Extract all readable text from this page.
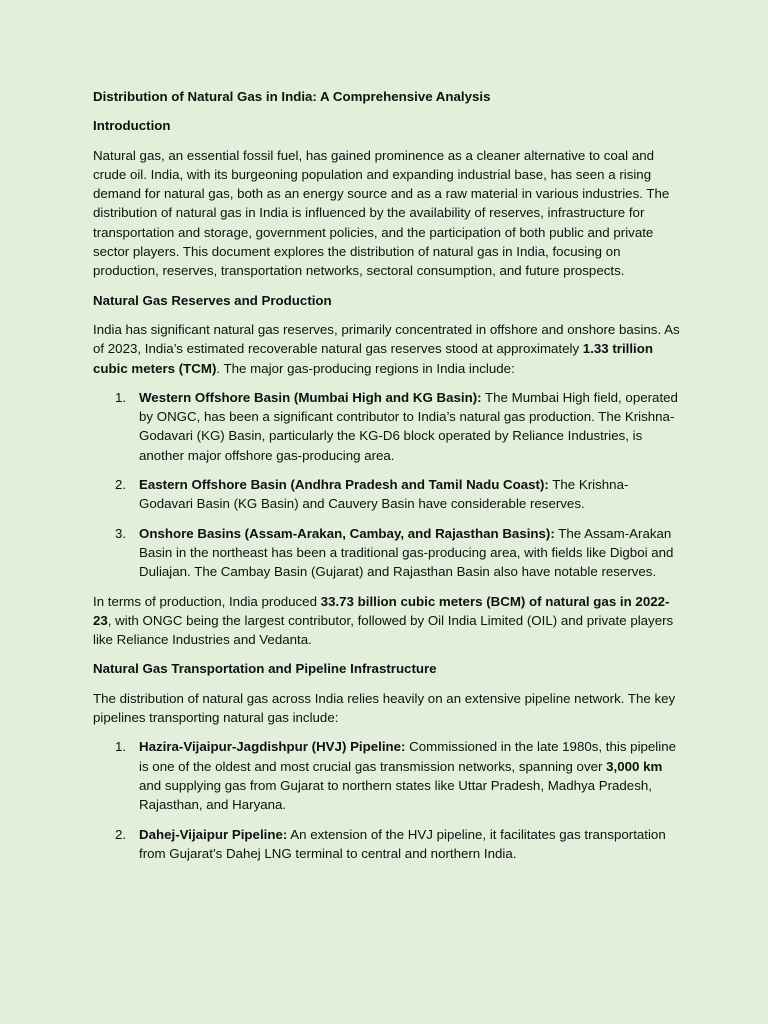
Distribution of Natural Gas in India: A Comprehensive Analysis
Introduction

Natural gas, an essential fossil fuel, has gained prominence as a cleaner alternative to coal and crude oil. India, with its burgeoning population and expanding industrial base, has seen a rising demand for natural gas, both as an energy source and as a raw material in various industries. The distribution of natural gas in India is influenced by the availability of reserves, infrastructure for transportation and storage, government policies, and the participation of both public and private sector players. This document explores the distribution of natural gas in India, focusing on production, reserves, transportation networks, sectoral consumption, and future prospects.

Natural Gas Reserves and Production

India has significant natural gas reserves, primarily concentrated in offshore and onshore basins. As of 2023, India’s estimated recoverable natural gas reserves stood at approximately 1.33 trillion cubic meters (TCM). The major gas-producing regions in India include:

1. Western Offshore Basin (Mumbai High and KG Basin): The Mumbai High field, operated by ONGC, has been a significant contributor to India’s natural gas production. The Krishna-Godavari (KG) Basin, particularly the KG-D6 block operated by Reliance Industries, is another major offshore gas-producing area.
2. Eastern Offshore Basin (Andhra Pradesh and Tamil Nadu Coast): The Krishna-Godavari Basin (KG Basin) and Cauvery Basin have considerable reserves.
3. Onshore Basins (Assam-Arakan, Cambay, and Rajasthan Basins): The Assam-Arakan Basin in the northeast has been a traditional gas-producing area, with fields like Digboi and Duliajan. The Cambay Basin (Gujarat) and Rajasthan Basin also have notable reserves.

In terms of production, India produced 33.73 billion cubic meters (BCM) of natural gas in 2022-23, with ONGC being the largest contributor, followed by Oil India Limited (OIL) and private players like Reliance Industries and Vedanta.

Natural Gas Transportation and Pipeline Infrastructure

The distribution of natural gas across India relies heavily on an extensive pipeline network. The key pipelines transporting natural gas include:

1. Hazira-Vijaipur-Jagdishpur (HVJ) Pipeline: Commissioned in the late 1980s, this pipeline is one of the oldest and most crucial gas transmission networks, spanning over 3,000 km and supplying gas from Gujarat to northern states like Uttar Pradesh, Madhya Pradesh, Rajasthan, and Haryana.
2. Dahej-Vijaipur Pipeline: An extension of the HVJ pipeline, it facilitates gas transportation from Gujarat’s Dahej LNG terminal to central and northern India.
